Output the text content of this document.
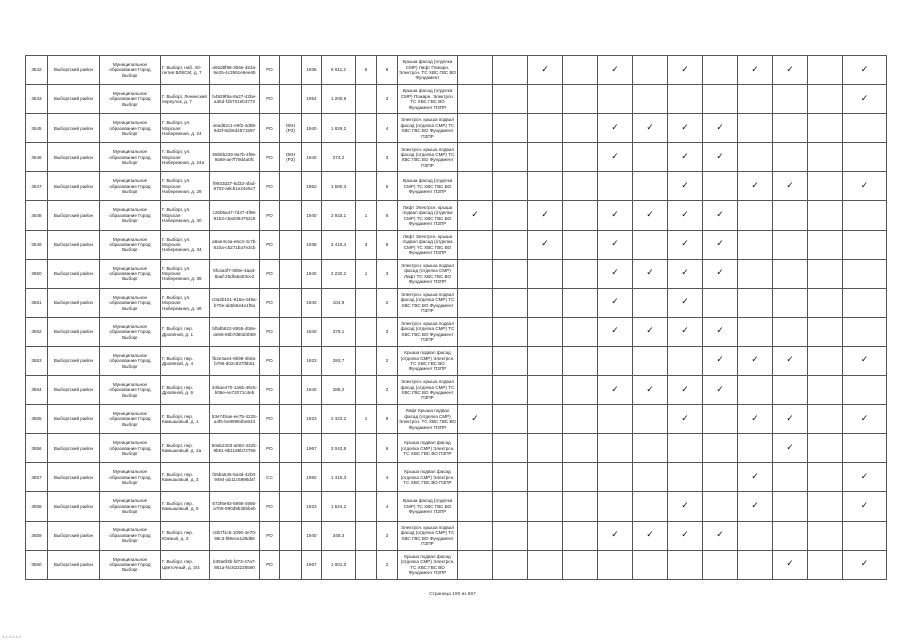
3542	Выборгский район	Муниципальное образование Город Выборг	Г. Выборг, наб. 40-летия ВЛКСМ, д. 7	a92d8f98-3b6e-453a-9e25-4c3991e6ee65	РО		1936	6 811,2	5	9	Крыша фасад (отделка СМР) Лифт Пожарн. Электрсн. ТС ХВС ГВС ВО Фундамент			✓		✓		✓		✓	✓		✓
3543	Выборгский район	Муниципальное образование Город Выборг	Г. Выборг, Ленинский переулок, д. 7	b4929f8a-8a27-42be-a36d-f2b701eb3772	РО		1954	1 200,9		3	Крыша фасад (отделка СМР) Пожарн. Электрсн. ТС ХВС ГВС ВО Фундамент ПЗПР												✓
3545	Выборгский район	Муниципальное образование Город Выборг	Г. Выборг, ул. Морская Набережная, д. 24	4ead62c1-e9f2-4d58-9d3f-9d26d4571597	РО	ОКН (РЗ)	1940	1 829,2		4	Электрсн. крыша подвал фасад (отделка СМР) ТС ХВС ГВС ВО Фундамент ПЗПР					✓	✓	✓	✓				
3546	Выборгский район	Муниципальное образование Город Выборг	Г. Выборг, ул. Морская Набережная, д. 24а	55b5b229-9a7b-4f9e-9a59-ae7f79d4a0fc	РО	ОКН (РЗ)	1940	274,2		3	Электрсн. крыша подвал фасад (отделка СМР) ТС ХВС ГВС ВО Фундамент ПЗПР					✓		✓	✓				
3547	Выборгский район	Муниципальное образование Город Выборг	Г. Выборг, ул. Морская Набережная, д. 28	f9933d27-5d33-4fad-8702-a9cb1e24e5c7	РО		1962	1 580,3		5	Крыша фасад (отделка СМР) ТС ХВС ГВС ВО Фундамент ПЗПР							✓		✓	✓		✓
3548	Выборгский район	Муниципальное образование Город Выборг	Г. Выборг, ул. Морская Набережная, д. 30	c26b5a47-7d47-4f98-9153-c5a0394752c8	РО		1940	2 933,1	1	6	Лифт Электрсн. крыша подвал фасад (отделка СМР) ТС ХВС ГВС ВО Фундамент ПЗПР	✓		✓		✓	✓	✓	✓				
3549	Выборгский район	Муниципальное образование Город Выборг	Г. Выборг, ул. Морская Набережная, д. 34	a8ae4c4a-e6c3-4c7b-810a-c5271ba7e3cb	РО		1938	3 416,4	3	6	Лифт Электрсн. крыша подвал фасад (отделка СМР) ТС ХВС ГВС ВО Фундамент ПЗПР			✓		✓		✓	✓				
3550	Выборгский район	Муниципальное образование Город Выборг	Г. Выборг, ул. Морская Набережная, д. 38	6fcaa4f7-808e-4aa3-8aaf-20dfa5a03ce2	РО		1940	2 232,2	1	3	Электрсн. крыша подвал фасад (отделка СМР) Лифт ТС ХВС ГВС ВО Фундамент ПЗПР					✓	✓	✓	✓				
3551	Выборгский район	Муниципальное образование Город Выборг	Г. Выборг, ул. Морская Набережная, д. 46	c0a3b151-915a-449a-b70e-ab5b5e4e1f5a	РО		1940	104,9		2	Электрсн. крыша подвал фасад (отделка СМР) ТС ХВС ГВС ВО Фундамент ПЗПР					✓		✓					
3552	Выборгский район	Муниципальное образование Город Выборг	Г. Выборг, пер. Дровяной, д. 1	bf5db822-6555-4b8e-ae56-86b7d60d4059	РО		1940	379,1		3	Электрсн. крыша подвал фасад (отделка СМР) ТС ХВС ГВС ВО Фундамент ПЗПР					✓	✓	✓	✓				
3553	Выборгский район	Муниципальное образование Город Выборг	Г. Выборг, пер. Дровяной, д. 4	fb2e4ae4-9b98-4b6a-b796-d02c937f6b51	РО		1923	293,7		2	Крыша подвал фасад (отделка СМР) Электрсн. ТС ХВС ГВС ВО Фундамент ПЗПР								✓	✓	✓		✓
3554	Выборгский район	Муниципальное образование Город Выборг	Г. Выборг, пер. Дровяной, д. 6	346ae470-1a5b-49c5-b08e-ee72071c4e5	РО		1940	285,2		2	Электрсн. крыша подвал фасад (отделка СМР) ТС ХВС ГВС ВО Фундамент ПЗПР					✓	✓	✓	✓				
3555	Выборгский район	Муниципальное образование Город Выборг	Г. Выборг, пер. Камышовый, д. 1	53e74bae-ee75-4225-a4f5-be89984be643	РО		1923	2 422,2	1	9	Лифт Крыша подвал фасад (отделка СМР) Электрсн. ТС ХВС ГВС ВО Фундамент ПЗПР	✓						✓		✓	✓		✓
3556	Выборгский район	Муниципальное образование Город Выборг	Г. Выборг, пер. Камышовый, д. 2а	50ab2403-a082-4325-8b51-9b1185b72759	РО		1967	3 043,8		6	Крыша подвал фасад (отделка СМР) Электрсн. ТС ХВС ГВС ВО ПЗПР										✓		
3557	Выборгский район	Муниципальное образование Город Выборг	Г. Выборг, пер. Камышовый, д. 3	f25ba545-5a3d-42b0-9494-ab11c5998d4f	СС		1992	1 415,3		4	Крыша подвал фасад (отделка СМР) Электрсн. ТС ХВС ГВС ВО ПЗПР									✓			✓
3558	Выборгский район	Муниципальное образование Город Выборг	Г. Выборг, пер. Камышовый, д. 6	672f6e93-5990-4985-a706-990d9b35bbeb	РО		1923	1 624,2		4	Крыша фасад (отделка СМР) ТС ХВС ГВС ВО Фундамент ПЗПР							✓		✓			✓
3559	Выборгский район	Муниципальное образование Город Выборг	Г. Выборг, пер. Южный, д. 2	c0b7f1c5-1090-4e70-95c3-f88eca1d9d86	РО		1940	348,3		2	Электрсн. крыша подвал фасад (отделка СМР) ТС ХВС ГВС ВО Фундамент ПЗПР					✓	✓	✓	✓				
3560	Выборгский район	Муниципальное образование Город Выборг	Г. Выборг, пер. Цветочный, д. 3/4	b39a6f3b-fd73-47a7-861a-f4c823225590	РО		1967	1 001,0		2	Крыша подвал фасад (отделка СМР) Электрсн. ТС ХВС ГВС ВО Фундамент ПЗПР										✓		✓
Страница 190 из 667
4.4.4.4.4.4
